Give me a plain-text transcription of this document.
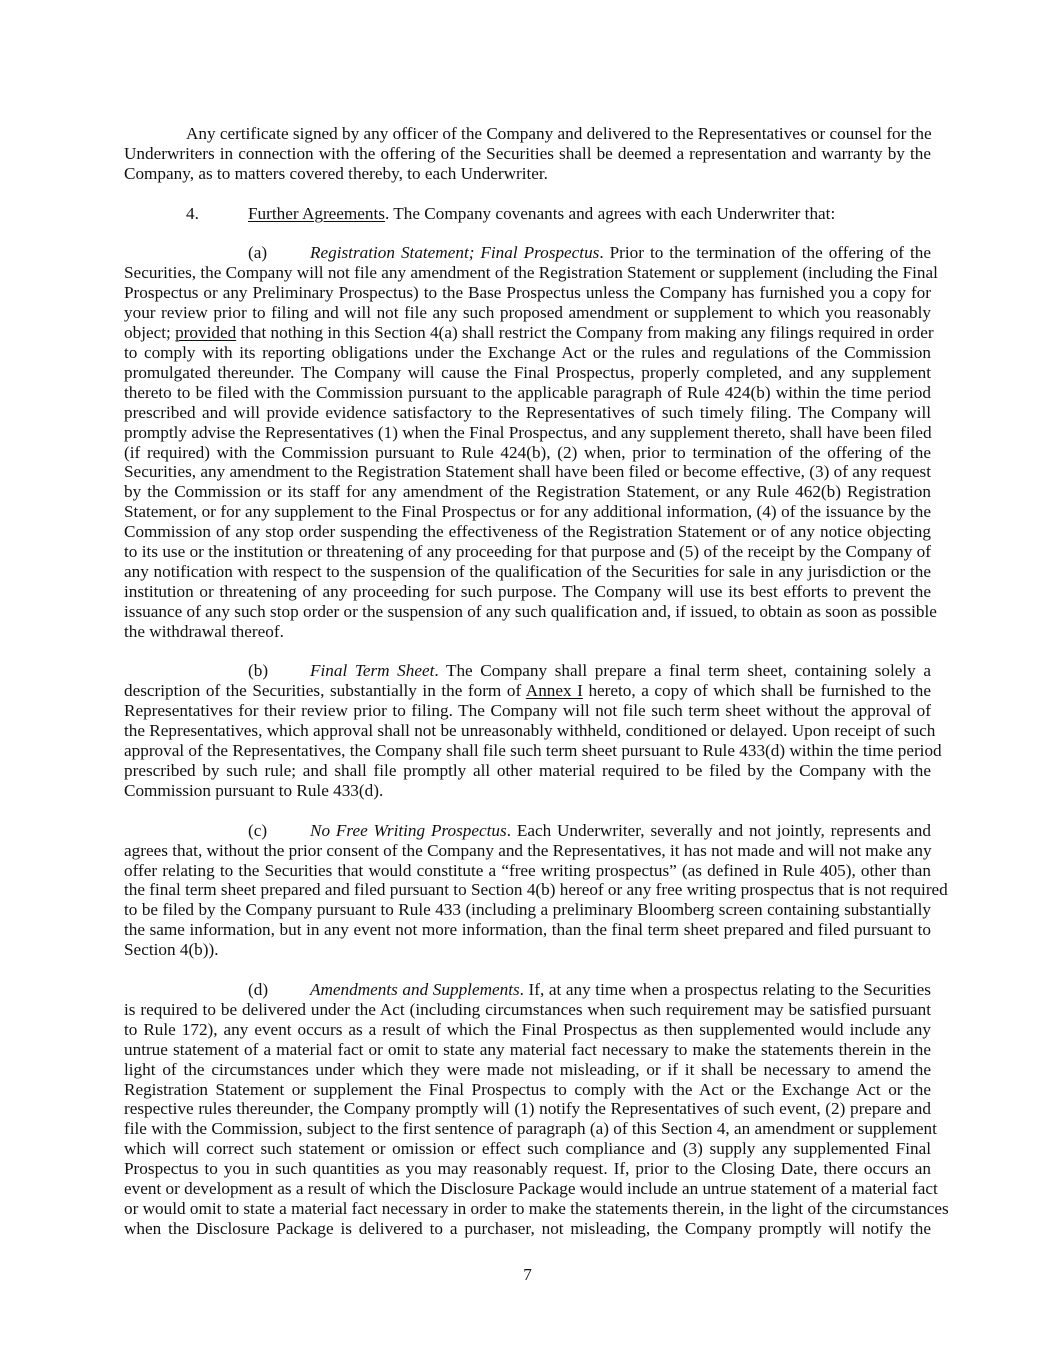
Any certificate signed by any officer of the Company and delivered to the Representatives or counsel for the
Underwriters in connection with the offering of the Securities shall be deemed a representation and warranty by the
Company, as to matters covered thereby, to each Underwriter.
4.	Further Agreements. The Company covenants and agrees with each Underwriter that:
(a) Registration Statement; Final Prospectus. Prior to the termination of the offering of the
Securities, the Company will not file any amendment of the Registration Statement or supplement (including the Final
Prospectus or any Preliminary Prospectus) to the Base Prospectus unless the Company has furnished you a copy for
your review prior to filing and will not file any such proposed amendment or supplement to which you reasonably
object; provided that nothing in this Section 4(a) shall restrict the Company from making any filings required in order
to comply with its reporting obligations under the Exchange Act or the rules and regulations of the Commission
promulgated thereunder. The Company will cause the Final Prospectus, properly completed, and any supplement
thereto to be filed with the Commission pursuant to the applicable paragraph of Rule 424(b) within the time period
prescribed and will provide evidence satisfactory to the Representatives of such timely filing. The Company will
promptly advise the Representatives (1) when the Final Prospectus, and any supplement thereto, shall have been filed
(if required) with the Commission pursuant to Rule 424(b), (2) when, prior to termination of the offering of the
Securities, any amendment to the Registration Statement shall have been filed or become effective, (3) of any request
by the Commission or its staff for any amendment of the Registration Statement, or any Rule 462(b) Registration
Statement, or for any supplement to the Final Prospectus or for any additional information, (4) of the issuance by the
Commission of any stop order suspending the effectiveness of the Registration Statement or of any notice objecting
to its use or the institution or threatening of any proceeding for that purpose and (5) of the receipt by the Company of
any notification with respect to the suspension of the qualification of the Securities for sale in any jurisdiction or the
institution or threatening of any proceeding for such purpose. The Company will use its best efforts to prevent the
issuance of any such stop order or the suspension of any such qualification and, if issued, to obtain as soon as possible
the withdrawal thereof.
(b) Final Term Sheet. The Company shall prepare a final term sheet, containing solely a
description of the Securities, substantially in the form of Annex I hereto, a copy of which shall be furnished to the
Representatives for their review prior to filing. The Company will not file such term sheet without the approval of
the Representatives, which approval shall not be unreasonably withheld, conditioned or delayed. Upon receipt of such
approval of the Representatives, the Company shall file such term sheet pursuant to Rule 433(d) within the time period
prescribed by such rule; and shall file promptly all other material required to be filed by the Company with the
Commission pursuant to Rule 433(d).
(c) No Free Writing Prospectus. Each Underwriter, severally and not jointly, represents and
agrees that, without the prior consent of the Company and the Representatives, it has not made and will not make any
offer relating to the Securities that would constitute a “free writing prospectus” (as defined in Rule 405), other than
the final term sheet prepared and filed pursuant to Section 4(b) hereof or any free writing prospectus that is not required
to be filed by the Company pursuant to Rule 433 (including a preliminary Bloomberg screen containing substantially
the same information, but in any event not more information, than the final term sheet prepared and filed pursuant to
Section 4(b)).
(d) Amendments and Supplements. If, at any time when a prospectus relating to the Securities
is required to be delivered under the Act (including circumstances when such requirement may be satisfied pursuant
to Rule 172), any event occurs as a result of which the Final Prospectus as then supplemented would include any
untrue statement of a material fact or omit to state any material fact necessary to make the statements therein in the
light of the circumstances under which they were made not misleading, or if it shall be necessary to amend the
Registration Statement or supplement the Final Prospectus to comply with the Act or the Exchange Act or the
respective rules thereunder, the Company promptly will (1) notify the Representatives of such event, (2) prepare and
file with the Commission, subject to the first sentence of paragraph (a) of this Section 4, an amendment or supplement
which will correct such statement or omission or effect such compliance and (3) supply any supplemented Final
Prospectus to you in such quantities as you may reasonably request. If, prior to the Closing Date, there occurs an
event or development as a result of which the Disclosure Package would include an untrue statement of a material fact
or would omit to state a material fact necessary in order to make the statements therein, in the light of the circumstances
when the Disclosure Package is delivered to a purchaser, not misleading, the Company promptly will notify the
7
